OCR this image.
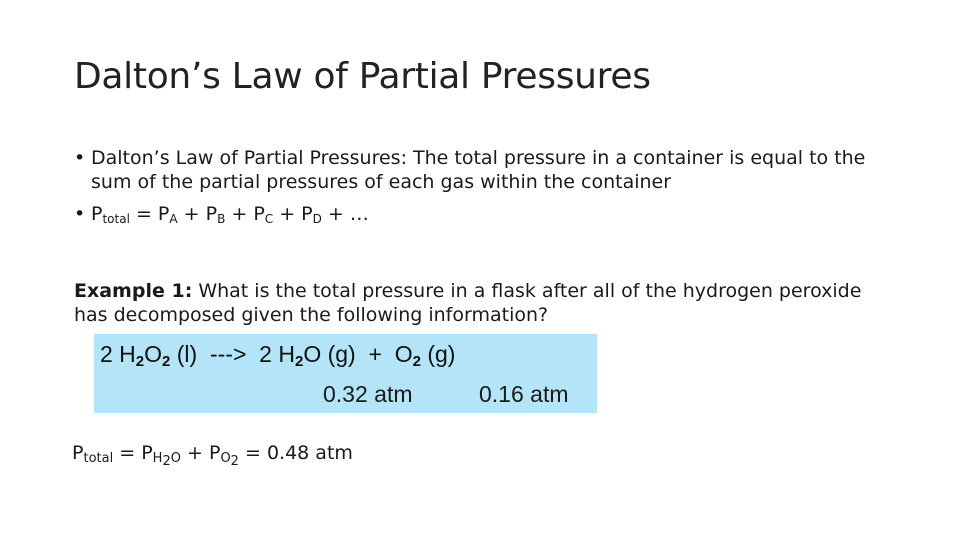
Dalton’s Law of Partial Pressures
• Dalton’s Law of Partial Pressures: The total pressure in a container is equal to the sum of the partial pressures of each gas within the container
• $P_{total} = P_A + P_B + P_C + P_D$ + …
Example 1: What is the total pressure in a flask after all of the hydrogen peroxide has decomposed given the following information?
2 $H_2O_2$ (l)  --->  2 $H_2O$ $(g) + O_2$ (g)
0.32 atm	0.16 atm
$P_{total} = P_{H_2O} + P_{O_2} = 0.48$ atm
